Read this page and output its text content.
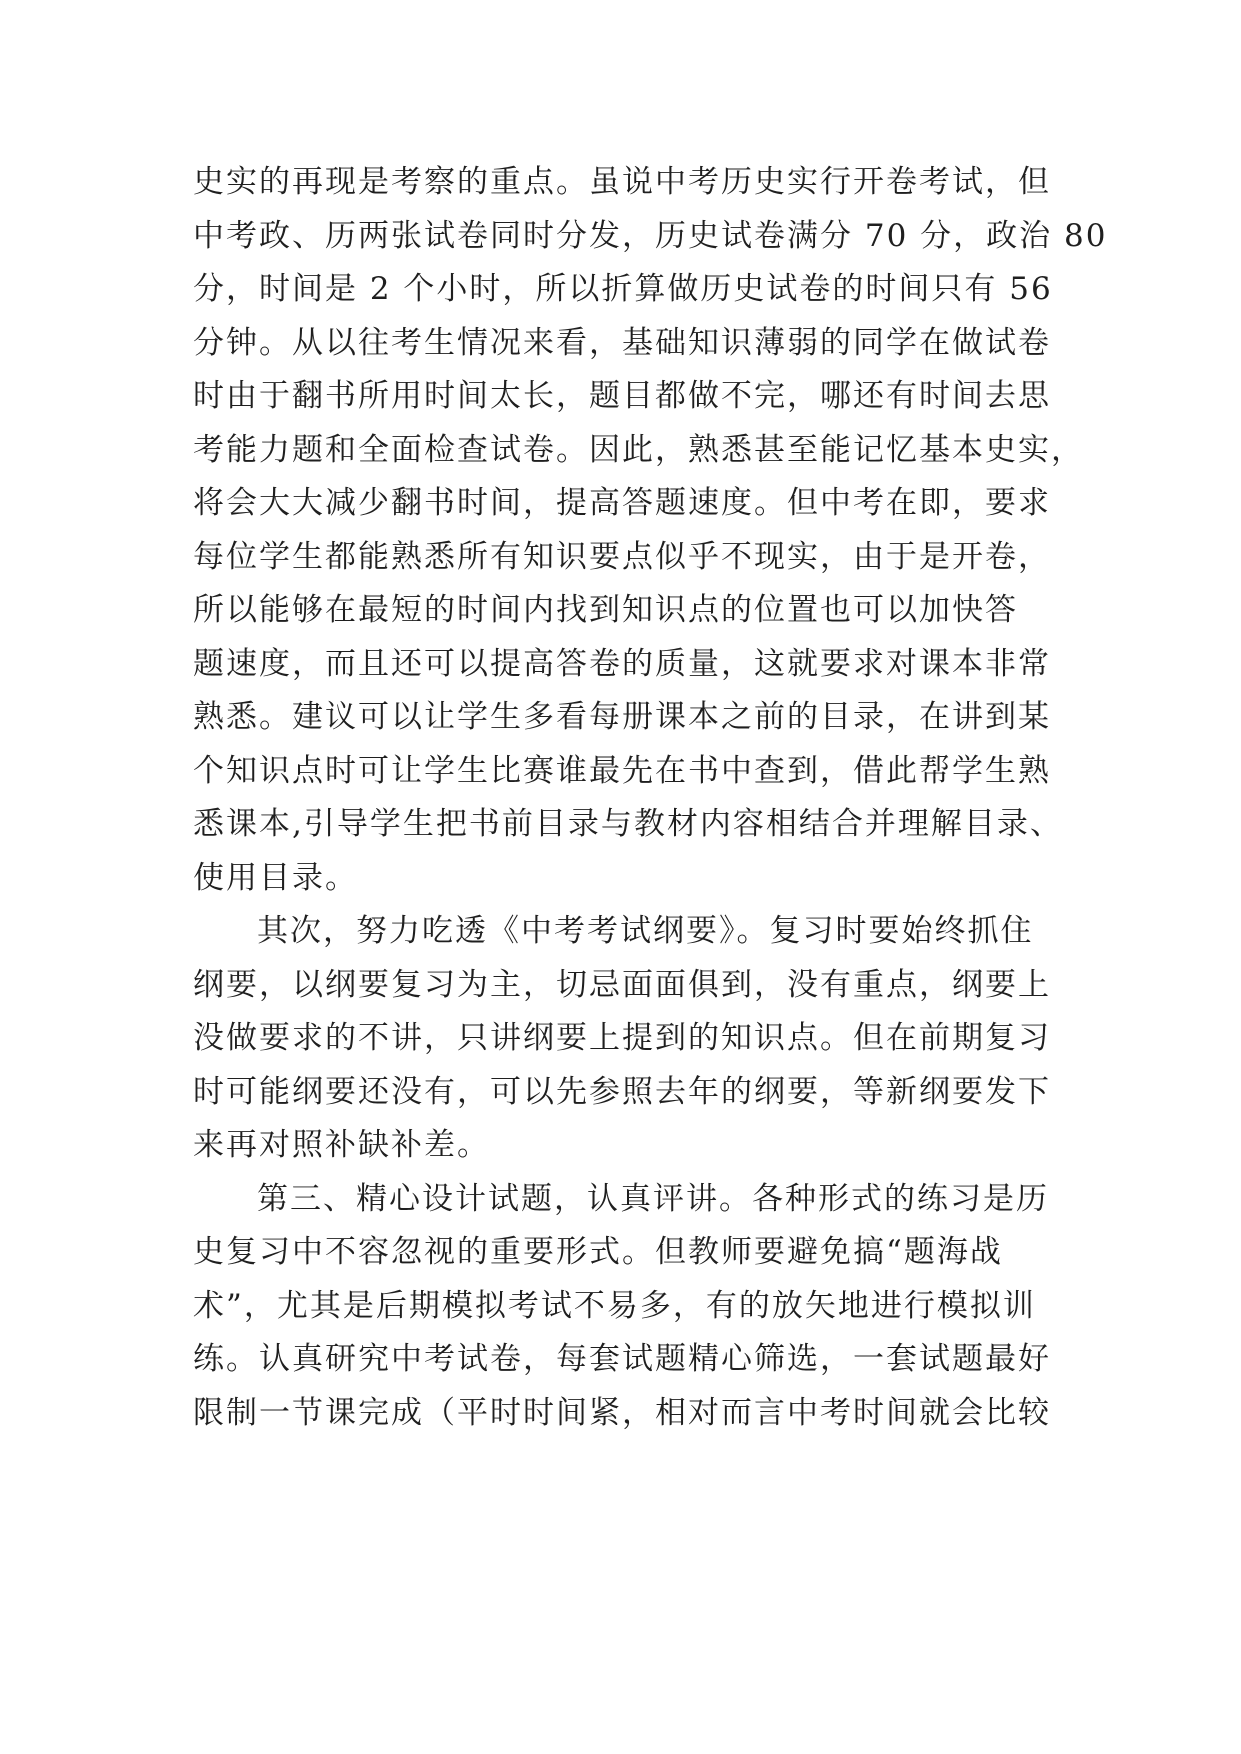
史实的再现是考察的重点。虽说中考历史实行开卷考试，但
中考政、历两张试卷同时分发，历史试卷满分 70 分，政治 80
分，时间是 2 个小时，所以折算做历史试卷的时间只有 56
分钟。从以往考生情况来看，基础知识薄弱的同学在做试卷
时由于翻书所用时间太长，题目都做不完，哪还有时间去思
考能力题和全面检查试卷。因此，熟悉甚至能记忆基本史实，
将会大大减少翻书时间，提高答题速度。但中考在即，要求
每位学生都能熟悉所有知识要点似乎不现实，由于是开卷，
所以能够在最短的时间内找到知识点的位置也可以加快答
题速度，而且还可以提高答卷的质量，这就要求对课本非常
熟悉。建议可以让学生多看每册课本之前的目录，在讲到某
个知识点时可让学生比赛谁最先在书中查到，借此帮学生熟
悉课本,引导学生把书前目录与教材内容相结合并理解目录、
使用目录。
其次，努力吃透《中考考试纲要》。复习时要始终抓住
纲要，以纲要复习为主，切忌面面俱到，没有重点，纲要上
没做要求的不讲，只讲纲要上提到的知识点。但在前期复习
时可能纲要还没有，可以先参照去年的纲要，等新纲要发下
来再对照补缺补差。
第三、精心设计试题，认真评讲。各种形式的练习是历
史复习中不容忽视的重要形式。但教师要避免搞“题海战
术”，尤其是后期模拟考试不易多，有的放矢地进行模拟训
练。认真研究中考试卷，每套试题精心筛选，一套试题最好
限制一节课完成（平时时间紧，相对而言中考时间就会比较
